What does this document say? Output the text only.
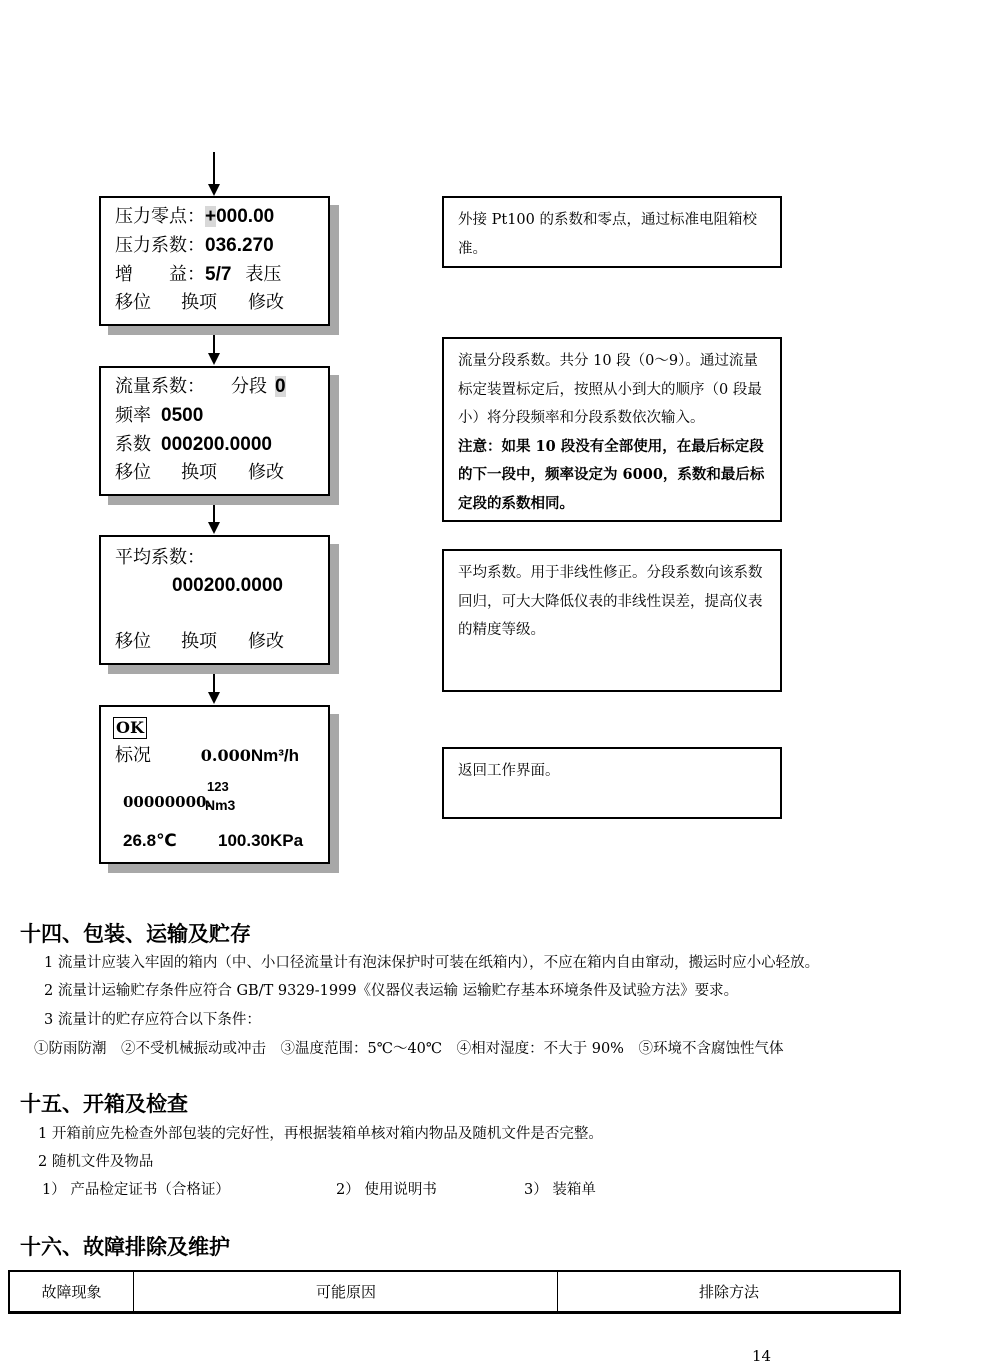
压力零点：+000.00
压力系数：036.270
增　　益：5/7 表压
移位 换项 修改
流量系数： 分段 0
频率 0500
系数 000200.0000
移位 换项 修改
平均系数：
000200.0000
移位 换项 修改
OK
标况	0.000Nm³/h
00000000.
123
Nm3
26.8℃ 100.30KPa

外接 Pt100 的系数和零点，通过标准电阻箱校准。

流量分段系数。共分 10 段（0～9）。通过流量标定装置标定后，按照从小到大的顺序（0 段最小）将分段频率和分段系数依次输入。

注意：如果 10 段没有全部使用，在最后标定段的下一段中，频率设定为 6000，系数和最后标定段的系数相同。

平均系数。用于非线性修正。分段系数向该系数回归，可大大降低仪表的非线性误差，提高仪表的精度等级。

返回工作界面。

十四、包装、运输及贮存
1 流量计应装入牢固的箱内（中、小口径流量计有泡沫保护时可装在纸箱内），不应在箱内自由窜动，搬运时应小心轻放。
2 流量计运输贮存条件应符合 GB/T 9329-1999《仪器仪表运输 运输贮存基本环境条件及试验方法》要求。
3 流量计的贮存应符合以下条件：
①防雨防潮　②不受机械振动或冲击　③温度范围：5℃～40℃　④相对湿度：不大于 90%　⑤环境不含腐蚀性气体
十五、开箱及检查
1 开箱前应先检查外部包装的完好性，再根据装箱单核对箱内物品及随机文件是否完整。
2 随机文件及物品
1） 产品检定证书（合格证）	2） 使用说明书	3） 装箱单
十六、故障排除及维护
故障现象	可能原因	排除方法
14
